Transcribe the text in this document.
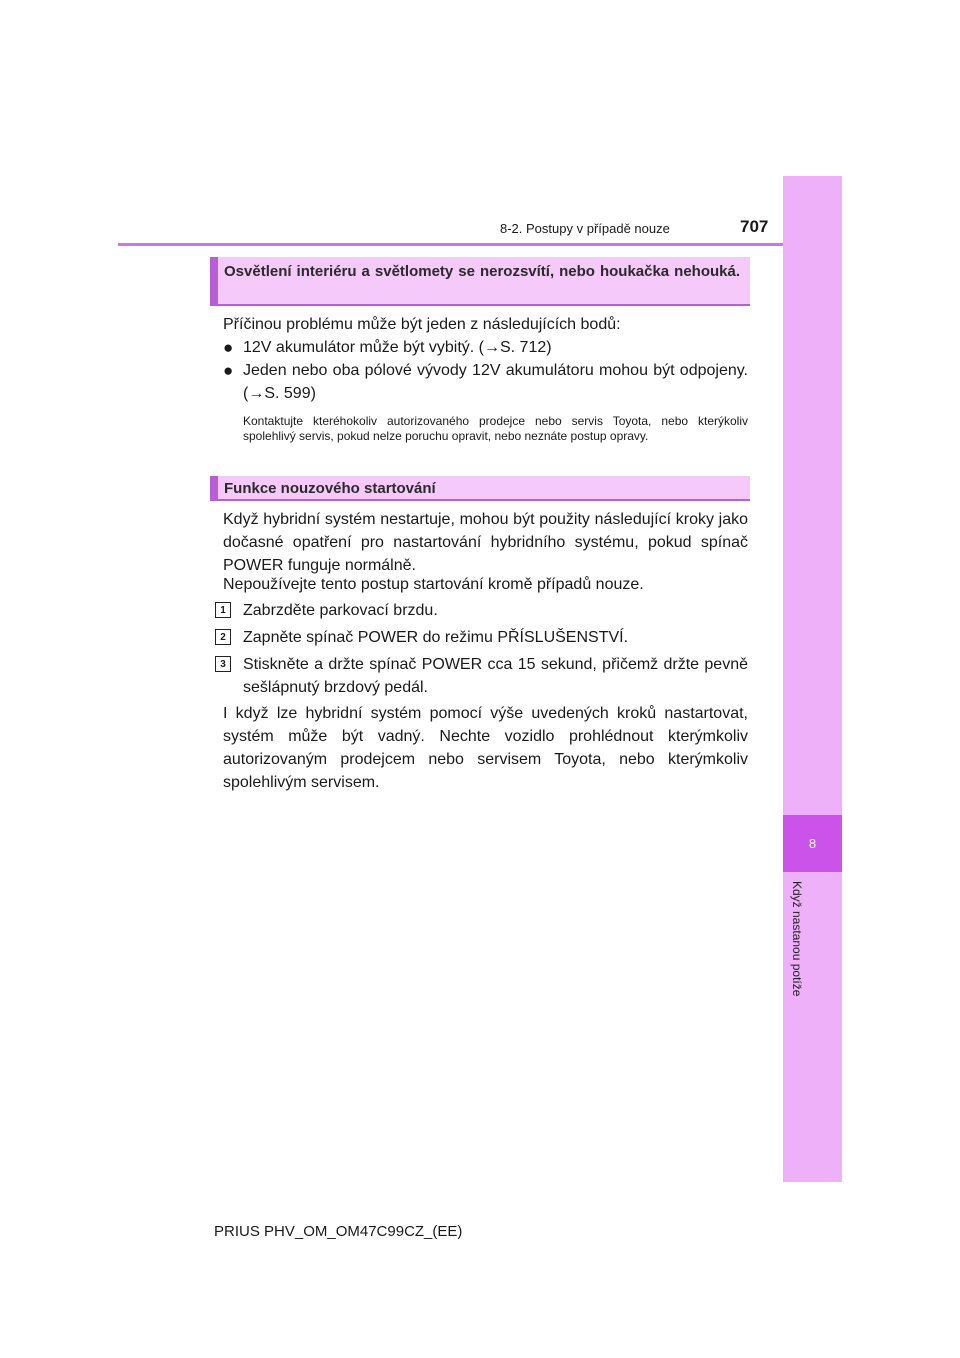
8-2. Postupy v případě nouze	707
8
Když nastanou potíže
Osvětlení interiéru a světlomety se nerozsvítí, nebo houkačka nehouká.
Příčinou problému může být jeden z následujících bodů:
● 12V akumulátor může být vybitý. (→S. 712)
● Jeden nebo oba pólové vývody 12V akumulátoru mohou být odpojeny. (→S. 599)
Kontaktujte kteréhokoliv autorizovaného prodejce nebo servis Toyota, nebo kterýkoliv spolehlivý servis, pokud nelze poruchu opravit, nebo neznáte postup opravy.
Funkce nouzového startování
Když hybridní systém nestartuje, mohou být použity následující kroky jako dočasné opatření pro nastartování hybridního systému, pokud spínač POWER funguje normálně.
Nepoužívejte tento postup startování kromě případů nouze.
1	Zabrzděte parkovací brzdu.
2	Zapněte spínač POWER do režimu PŘÍSLUŠENSTVÍ.
3	Stiskněte a držte spínač POWER cca 15 sekund, přičemž držte pevně sešlápnutý brzdový pedál.
I když lze hybridní systém pomocí výše uvedených kroků nastartovat, systém může být vadný. Nechte vozidlo prohlédnout kterýmkoliv autorizovaným prodejcem nebo servisem Toyota, nebo kterýmkoliv spolehlivým servisem.
PRIUS PHV_OM_OM47C99CZ_(EE)
